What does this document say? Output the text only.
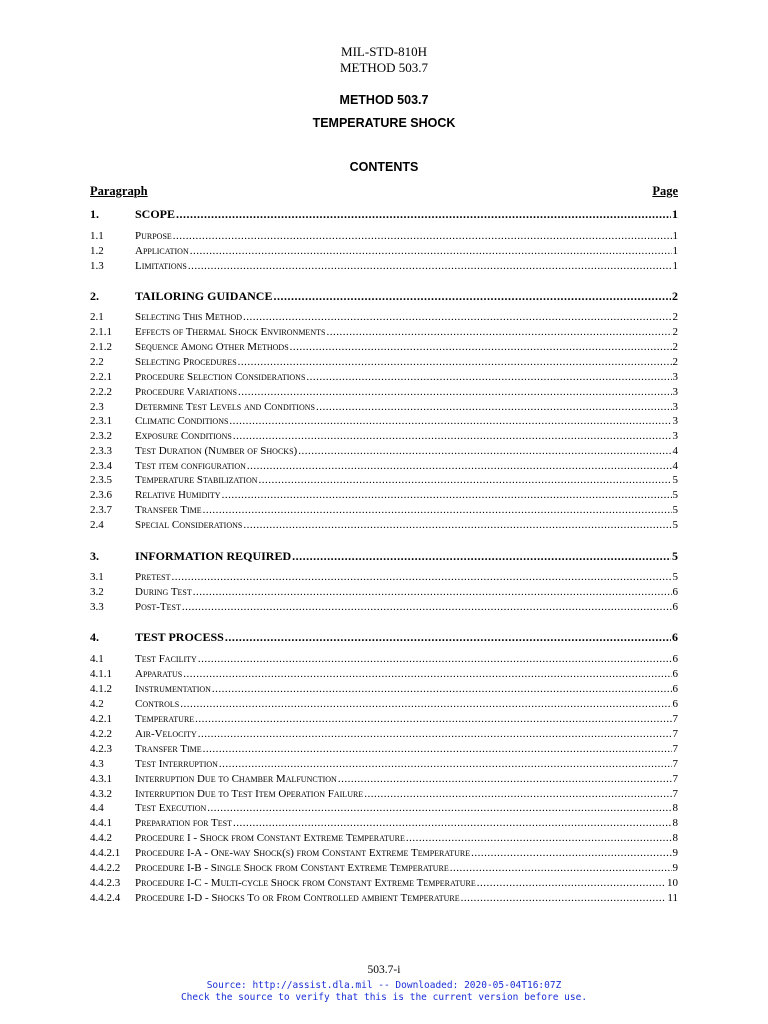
MIL-STD-810H
METHOD 503.7
METHOD 503.7
TEMPERATURE SHOCK
CONTENTS
Paragraph	Page
1.	SCOPE .....	1
1.1	Purpose .....	1
1.2	Application .....	1
1.3	Limitations .....	1
2.	TAILORING GUIDANCE .....	2
2.1	Selecting This Method .....	2
2.1.1 Effects of Thermal Shock Environments .....	2
2.1.2 Sequence Among Other Methods .....	2
2.2	Selecting Procedures .....	2
2.2.1 Procedure Selection Considerations .....	3
2.2.2 Procedure Variations .....	3
2.3	Determine Test Levels and Conditions .....	3
2.3.1 Climatic Conditions .....	3
2.3.2 Exposure Conditions .....	3
2.3.3 Test Duration (Number of Shocks) .....	4
2.3.4 Test item configuration .....	4
2.3.5 Temperature Stabilization .....	5
2.3.6 Relative Humidity .....	5
2.3.7 Transfer Time .....	5
2.4	Special Considerations .....	5
3.	INFORMATION REQUIRED .....	5
3.1	Pretest .....	5
3.2	During Test .....	6
3.3	Post-Test .....	6
4.	TEST PROCESS .....	6
4.1	Test Facility .....	6
4.1.1 Apparatus .....	6
4.1.2 Instrumentation .....	6
4.2	Controls .....	6
4.2.1 Temperature .....	7
4.2.2 Air-Velocity .....	7
4.2.3 Transfer Time .....	7
4.3	Test Interruption .....	7
4.3.1 Interruption Due to Chamber Malfunction .....	7
4.3.2 Interruption Due to Test Item Operation Failure .....	7
4.4	Test Execution .....	8
4.4.1 Preparation for Test .....	8
4.4.2 Procedure I - Shock from Constant Extreme Temperature .....	8
4.4.2.1 Procedure I-A - One-way Shock(s) from Constant Extreme Temperature .....	9
4.4.2.2 Procedure I-B - Single Shock from Constant Extreme Temperature .....	9
4.4.2.3 Procedure I-C - Multi-cycle Shock from Constant Extreme Temperature .....	10
4.4.2.4 Procedure I-D - Shocks To or From Controlled ambient Temperature .....	11
503.7-i
Source: http://assist.dla.mil -- Downloaded: 2020-05-04T16:07Z
Check the source to verify that this is the current version before use.
